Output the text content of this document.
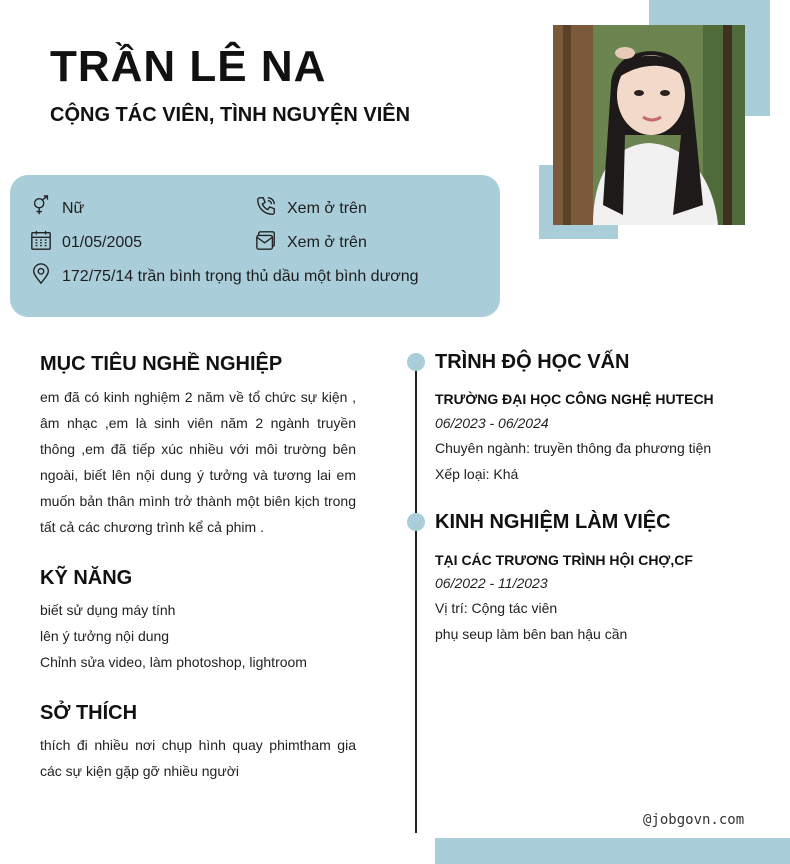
TRẦN LÊ NA
CỘNG TÁC VIÊN, TÌNH NGUYỆN VIÊN
Nữ	Xem ở trên
01/05/2005	Xem ở trên
172/75/14 trần bình trọng thủ dầu một bình dương
MỤC TIÊU NGHỀ NGHIỆP

em đã có kinh nghiệm 2 năm về tổ chức sự kiện , âm nhạc ,em là sinh viên năm 2 ngành truyền thông ,em đã tiếp xúc nhiều với môi trường bên ngoài, biết lên nội dung ý tưởng và tương lai em muốn bản thân mình trở thành một biên kịch trong tất cả các chương trình kể cả phim .

KỸ NĂNG
biết sử dụng máy tính
lên ý tưởng nội dung
Chỉnh sửa video, làm photoshop, lightroom
SỞ THÍCH

thích đi nhiều nơi chụp hình quay phimtham gia các sự kiện gặp gỡ nhiều người

TRÌNH ĐỘ HỌC VẤN

TRƯỜNG ĐẠI HỌC CÔNG NGHỆ HUTECH

06/2023 - 06/2024

Chuyên ngành: truyền thông đa phương tiện

Xếp loại: Khá

KINH NGHIỆM LÀM VIỆC

TẠI CÁC TRƯƠNG TRÌNH HỘI CHỢ,CF

06/2022 - 11/2023

Vị trí: Cộng tác viên

phụ seup làm bên ban hậu cần

@jobgovn.com
